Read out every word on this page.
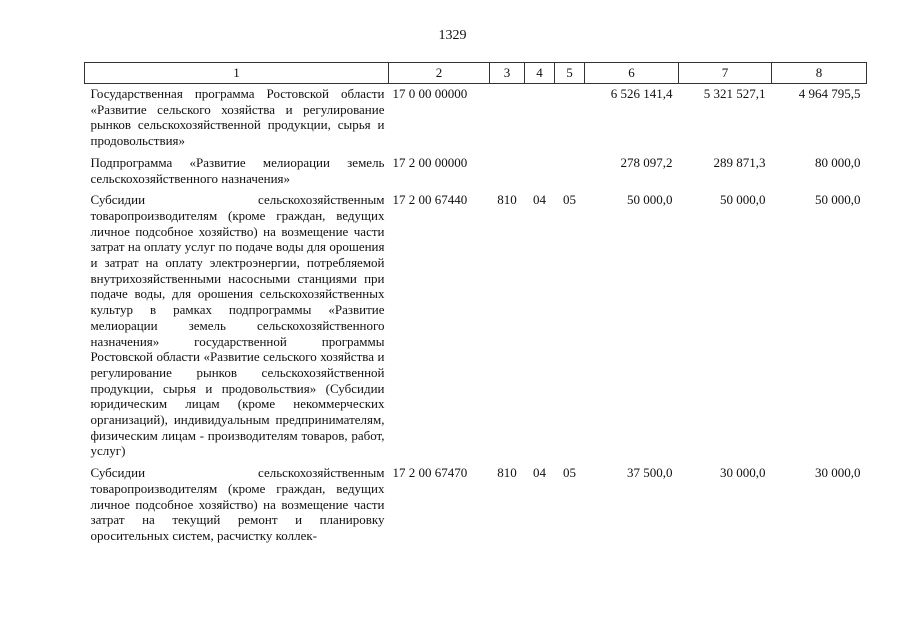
1329
1	2	3	4	5	6	7	8
Государственная программа Ростовской области «Развитие сельского хозяйства и регулирование рынков сельскохозяйственной продукции, сырья и продовольствия»	17 0 00 00000				6 526 141,4	5 321 527,1	4 964 795,5

Подпрограмма «Развитие мелиорации земель сельскохозяйственного назначения»	17 2 00 00000				278 097,2	289 871,3	80 000,0

Субсидии сельскохозяйственным товаропроизводителям (кроме граждан, ведущих личное подсобное хозяйство) на возмещение части затрат на оплату услуг по подаче воды для орошения и затрат на оплату электроэнергии, потребляемой внутрихозяйственными насосными станциями при подаче воды, для орошения сельскохозяйственных культур в рамках подпрограммы «Развитие мелиорации земель сельскохозяйственного назначения» государственной программы Ростовской области «Развитие сельского хозяйства и регулирование рынков сельскохозяйственной продукции, сырья и продовольствия» (Субсидии юридическим лицам (кроме некоммерческих организаций), индивидуальным предпринимателям, физическим лицам - производителям товаров, работ, услуг)	17 2 00 67440	810	04	05	50 000,0	50 000,0	50 000,0

Субсидии сельскохозяйственным товаропроизводителям (кроме граждан, ведущих личное подсобное хозяйство) на возмещение части затрат на текущий ремонт и планировку оросительных систем, расчистку коллек-	17 2 00 67470	810	04	05	37 500,0	30 000,0	30 000,0
